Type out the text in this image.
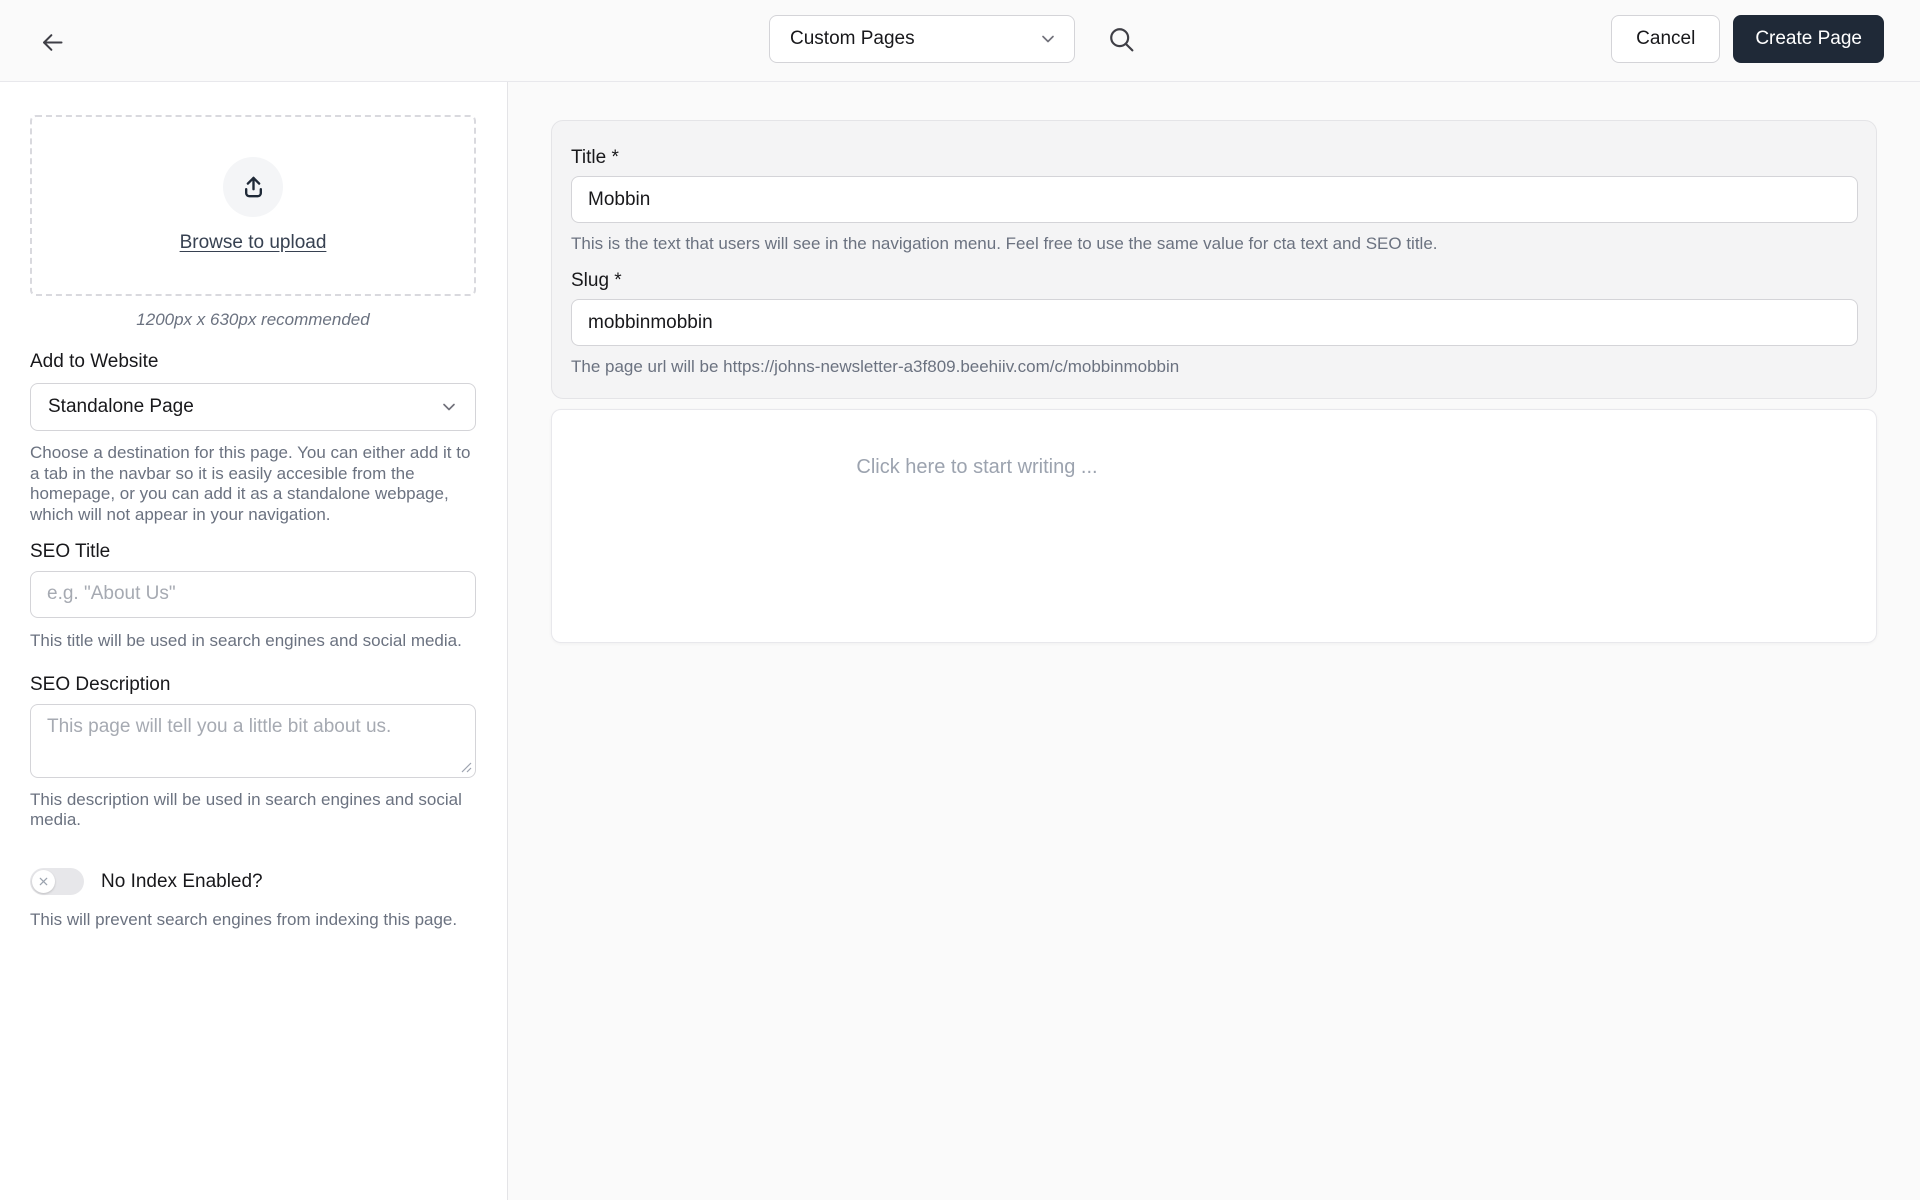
Custom Pages	Cancel	Create Page
Browse to upload
1200px x 630px recommended
Add to Website
Standalone Page

Choose a destination for this page. You can either add it to a tab in the navbar so it is easily accesible from the homepage, or you can add it as a standalone webpage, which will not appear in your navigation.

SEO Title
e.g. "About Us"

This title will be used in search engines and social media.

SEO Description
This page will tell you a little bit about us.

This description will be used in search engines and social media.

No Index Enabled?

This will prevent search engines from indexing this page.

Title *
Mobbin

This is the text that users will see in the navigation menu. Feel free to use the same value for cta text and SEO title.

Slug *
mobbinmobbin

The page url will be https://johns-newsletter-a3f809.beehiiv.com/c/mobbinmobbin

Click here to start writing ...
